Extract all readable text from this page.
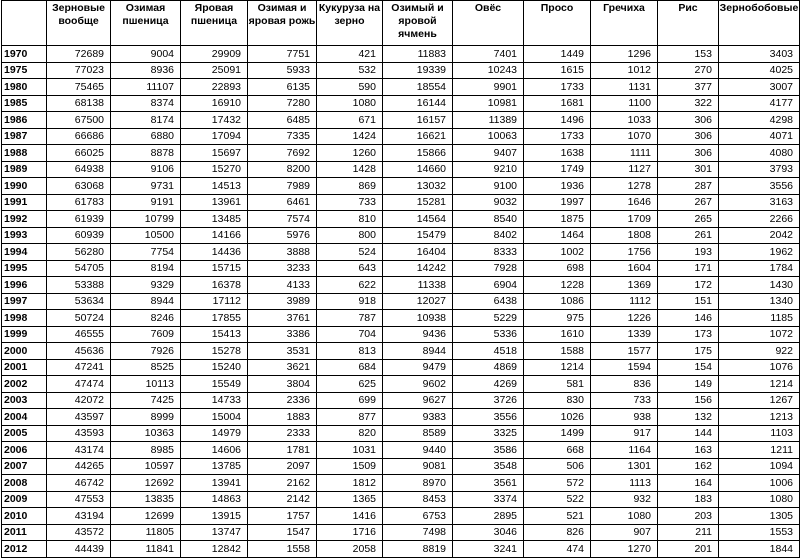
	Зерновые вообще	Озимая пшеница	Яровая пшеница	Озимая и яровая рожь	Кукуруза на зерно	Озимый и яровой ячмень	Овёс	Просо	Гречиха	Рис	Зернобобовые
1970	72689	9004	29909	7751	421	11883	7401	1449	1296	153	3403
1975	77023	8936	25091	5933	532	19339	10243	1615	1012	270	4025
1980	75465	11107	22893	6135	590	18554	9901	1733	1131	377	3007
1985	68138	8374	16910	7280	1080	16144	10981	1681	1100	322	4177
1986	67500	8174	17432	6485	671	16157	11389	1496	1033	306	4298
1987	66686	6880	17094	7335	1424	16621	10063	1733	1070	306	4071
1988	66025	8878	15697	7692	1260	15866	9407	1638	1111	306	4080
1989	64938	9106	15270	8200	1428	14660	9210	1749	1127	301	3793
1990	63068	9731	14513	7989	869	13032	9100	1936	1278	287	3556
1991	61783	9191	13961	6461	733	15281	9032	1997	1646	267	3163
1992	61939	10799	13485	7574	810	14564	8540	1875	1709	265	2266
1993	60939	10500	14166	5976	800	15479	8402	1464	1808	261	2042
1994	56280	7754	14436	3888	524	16404	8333	1002	1756	193	1962
1995	54705	8194	15715	3233	643	14242	7928	698	1604	171	1784
1996	53388	9329	16378	4133	622	11338	6904	1228	1369	172	1430
1997	53634	8944	17112	3989	918	12027	6438	1086	1112	151	1340
1998	50724	8246	17855	3761	787	10938	5229	975	1226	146	1185
1999	46555	7609	15413	3386	704	9436	5336	1610	1339	173	1072
2000	45636	7926	15278	3531	813	8944	4518	1588	1577	175	922
2001	47241	8525	15240	3621	684	9479	4869	1214	1594	154	1076
2002	47474	10113	15549	3804	625	9602	4269	581	836	149	1214
2003	42072	7425	14733	2336	699	9627	3726	830	733	156	1267
2004	43597	8999	15004	1883	877	9383	3556	1026	938	132	1213
2005	43593	10363	14979	2333	820	8589	3325	1499	917	144	1103
2006	43174	8985	14606	1781	1031	9440	3586	668	1164	163	1211
2007	44265	10597	13785	2097	1509	9081	3548	506	1301	162	1094
2008	46742	12692	13941	2162	1812	8970	3561	572	1113	164	1006
2009	47553	13835	14863	2142	1365	8453	3374	522	932	183	1080
2010	43194	12699	13915	1757	1416	6753	2895	521	1080	203	1305
2011	43572	11805	13747	1547	1716	7498	3046	826	907	211	1553
2012	44439	11841	12842	1558	2058	8819	3241	474	1270	201	1844
